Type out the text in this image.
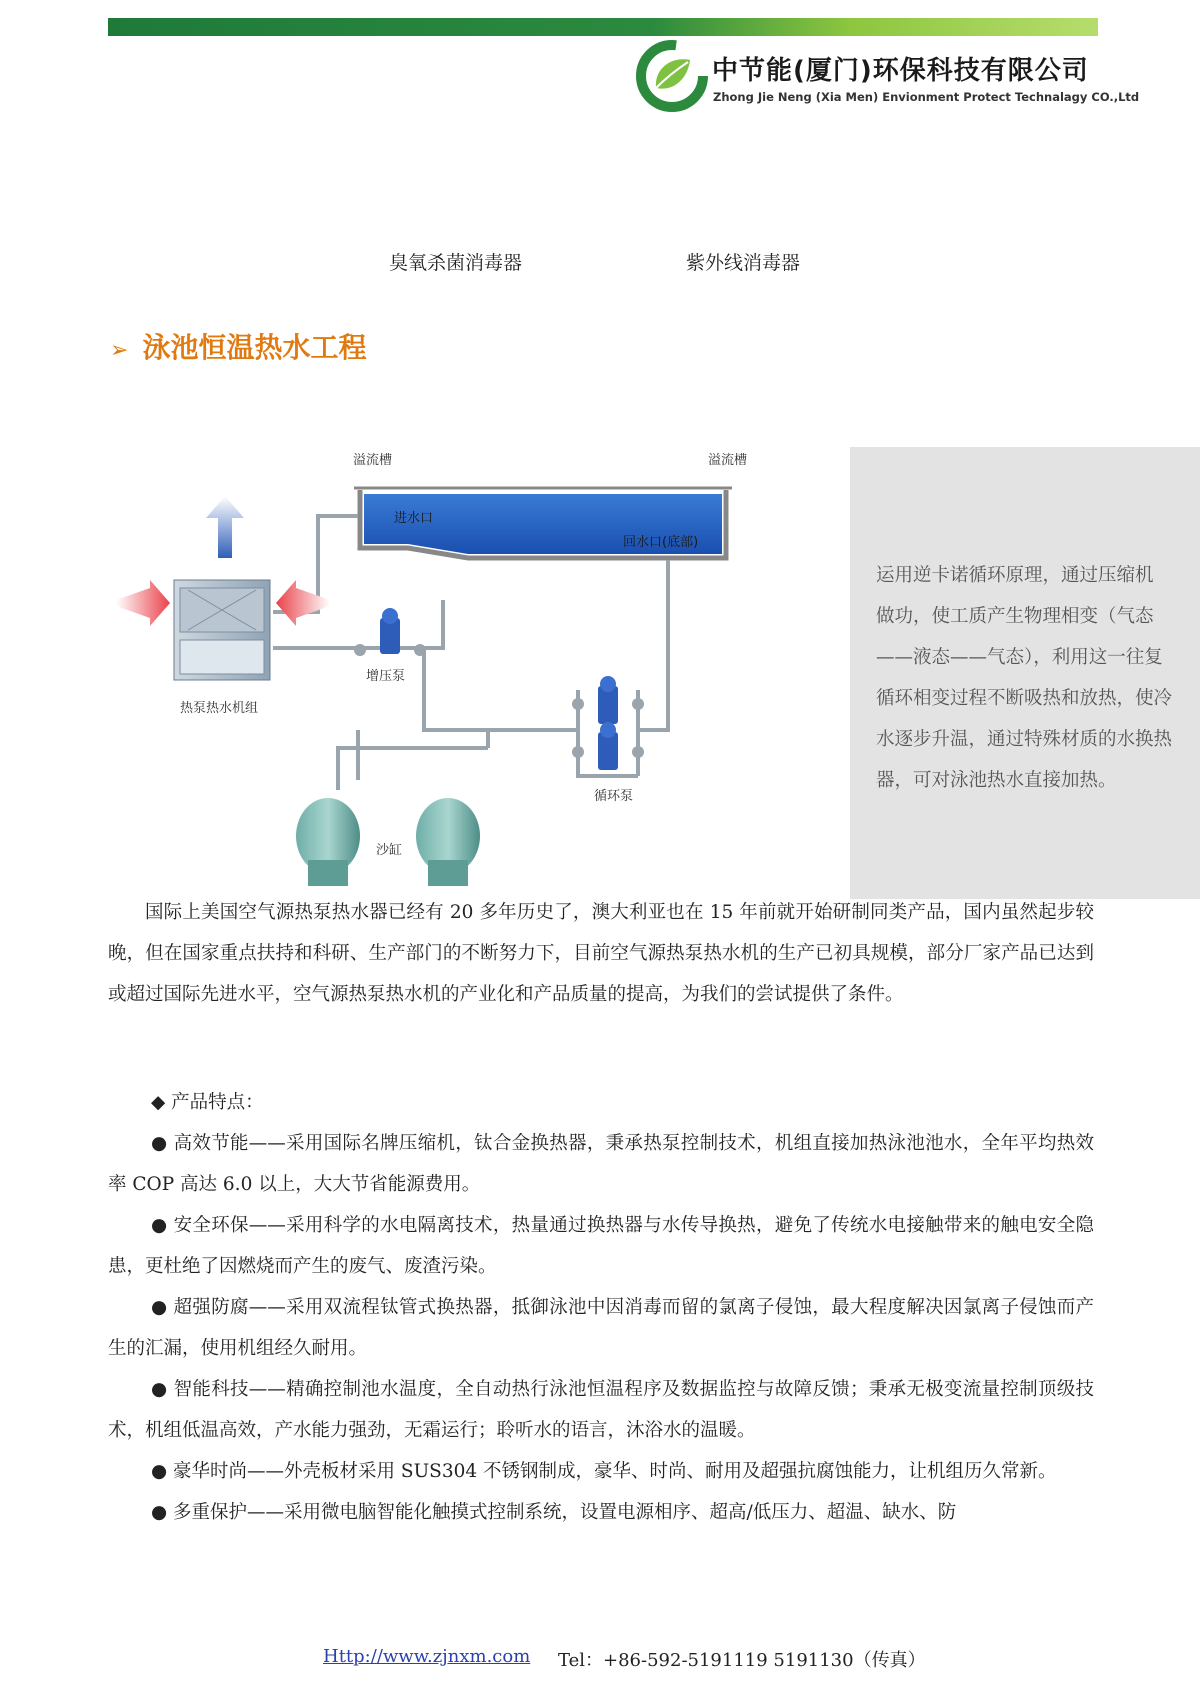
中节能(厦门)环保科技有限公司
Zhong Jie Neng (Xia Men) Envionment Protect Technalagy CO.,Ltd
臭氧杀菌消毒器	紫外线消毒器
➢ 泳池恒温热水工程
溢流槽	溢流槽
进水口
回水口(底部)
热泵热水机组
增压泵
循环泵
沙缸

运用逆卡诺循环原理，通过压缩机
做功，使工质产生物理相变（气态
——液态——气态），利用这一往复
循环相变过程不断吸热和放热，使冷
水逐步升温，通过特殊材质的水换热
器，可对泳池热水直接加热。

国际上美国空气源热泵热水器已经有 20 多年历史了，澳大利亚也在 15 年前就开始研制同类产品，国内虽然起步较晚，但在国家重点扶持和科研、生产部门的不断努力下，目前空气源热泵热水机的生产已初具规模，部分厂家产品已达到或超过国际先进水平，空气源热泵热水机的产业化和产品质量的提高，为我们的尝试提供了条件。

◆ 产品特点：

● 高效节能——采用国际名牌压缩机，钛合金换热器，秉承热泵控制技术，机组直接加热泳池池水，全年平均热效率 COP 高达 6.0 以上，大大节省能源费用。

● 安全环保——采用科学的水电隔离技术，热量通过换热器与水传导换热，避免了传统水电接触带来的触电安全隐患，更杜绝了因燃烧而产生的废气、废渣污染。

● 超强防腐——采用双流程钛管式换热器，抵御泳池中因消毒而留的氯离子侵蚀，最大程度解决因氯离子侵蚀而产生的汇漏，使用机组经久耐用。

● 智能科技——精确控制池水温度，全自动热行泳池恒温程序及数据监控与故障反馈；秉承无极变流量控制顶级技术，机组低温高效，产水能力强劲，无霜运行；聆听水的语言，沐浴水的温暖。

● 豪华时尚——外壳板材采用 SUS304 不锈钢制成，豪华、时尚、耐用及超强抗腐蚀能力，让机组历久常新。

● 多重保护——采用微电脑智能化触摸式控制系统，设置电源相序、超高/低压力、超温、缺水、防

Http://www.zjnxm.com Tel：+86-592-5191119 5191130（传真）
